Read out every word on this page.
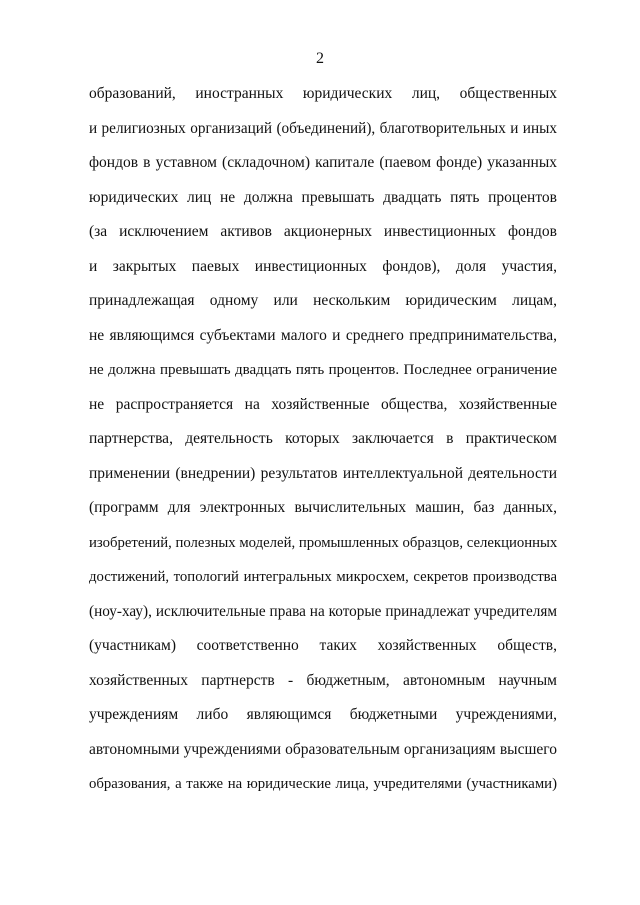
2
образований, иностранных юридических лиц, общественных
и религиозных организаций (объединений), благотворительных и иных
фондов в уставном (складочном) капитале (паевом фонде) указанных
юридических лиц не должна превышать двадцать пять процентов
(за исключением активов акционерных инвестиционных фондов
и закрытых паевых инвестиционных фондов), доля участия,
принадлежащая одному или нескольким юридическим лицам,
не являющимся субъектами малого и среднего предпринимательства,
не должна превышать двадцать пять процентов. Последнее ограничение
не распространяется на хозяйственные общества, хозяйственные
партнерства, деятельность которых заключается в практическом
применении (внедрении) результатов интеллектуальной деятельности
(программ для электронных вычислительных машин, баз данных,
изобретений, полезных моделей, промышленных образцов, селекционных
достижений, топологий интегральных микросхем, секретов производства
(ноу-хау), исключительные права на которые принадлежат учредителям
(участникам) соответственно таких хозяйственных обществ,
хозяйственных партнерств - бюджетным, автономным научным
учреждениям либо являющимся бюджетными учреждениями,
автономными учреждениями образовательным организациям высшего
образования, а также на юридические лица, учредителями (участниками)
